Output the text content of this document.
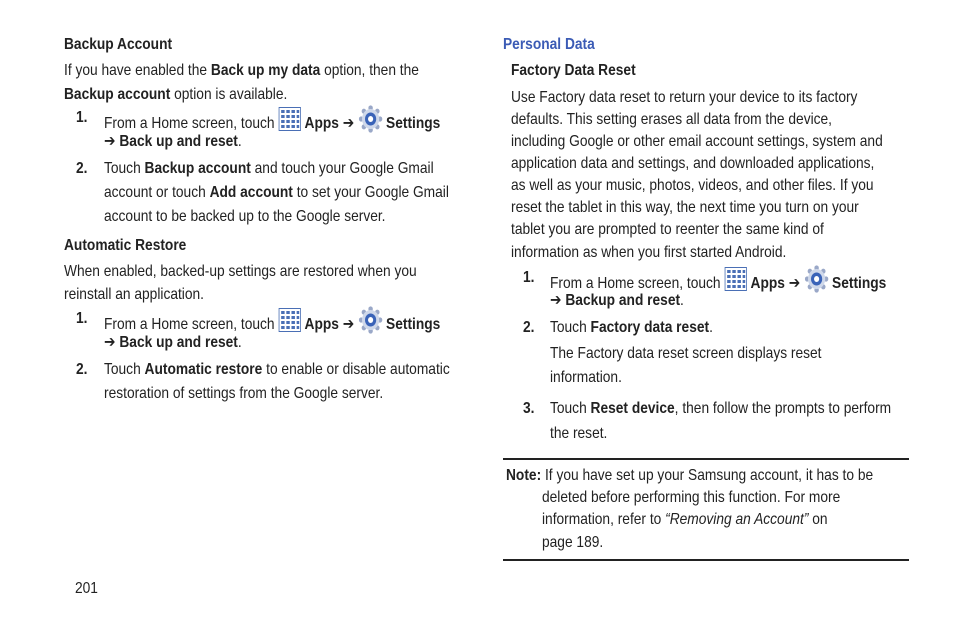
Backup Account
If you have enabled the Back up my data option, then the
Backup account option is available.
1. From a Home screen, touch  Apps ➔ Settings
➔ Back up and reset.
2. Touch Backup account and touch your Google Gmail
account or touch Add account to set your Google Gmail
account to be backed up to the Google server.
Automatic Restore
When enabled, backed-up settings are restored when you
reinstall an application.
1. From a Home screen, touch  Apps ➔ Settings
➔ Back up and reset.
2. Touch Automatic restore to enable or disable automatic
restoration of settings from the Google server.
201
Personal Data
Factory Data Reset
Use Factory data reset to return your device to its factory
defaults. This setting erases all data from the device,
including Google or other email account settings, system and
application data and settings, and downloaded applications,
as well as your music, photos, videos, and other files. If you
reset the tablet in this way, the next time you turn on your
tablet you are prompted to reenter the same kind of
information as when you first started Android.
1. From a Home screen, touch  Apps ➔ Settings
➔ Backup and reset.
2. Touch Factory data reset.
The Factory data reset screen displays reset
information.
3. Touch Reset device, then follow the prompts to perform
the reset.
Note: If you have set up your Samsung account, it has to be
deleted before performing this function. For more
information, refer to “Removing an Account” on
page 189.
